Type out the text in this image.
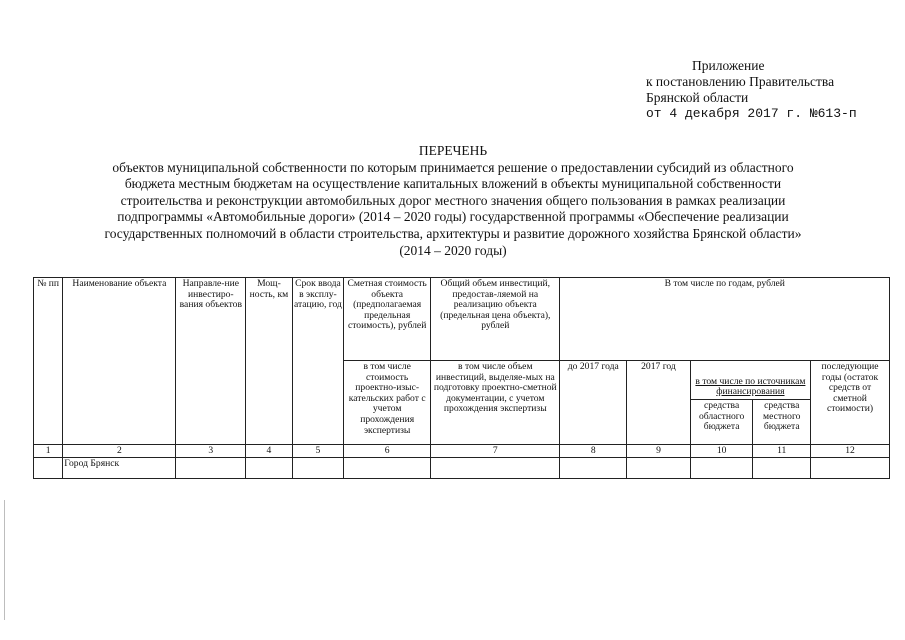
Приложение
к постановлению Правительства
Брянской области
от 4 декабря 2017 г. №613-п
ПЕРЕЧЕНЬ
объектов муниципальной собственности по которым принимается решение о предоставлении субсидий из областного
бюджета местным бюджетам на осуществление капитальных вложений в объекты муниципальной собственности
строительства и реконструкции автомобильных дорог местного значения общего пользования в рамках реализации
подпрограммы «Автомобильные дороги» (2014 – 2020 годы) государственной программы «Обеспечение реализации
государственных полномочий в области строительства, архитектуры и развитие дорожного хозяйства Брянской области»
(2014 – 2020 годы)
№ пп	Наименование объекта	Направле-ние инвестиро-вания объектов	Мощ-ность, км	Срок ввода в эксплу-атацию, год	Сметная стоимость объекта (предполагаемая предельная стоимость), рублей	Общий объем инвестиций, предостав-ляемой на реализацию объекта (предельная цена объекта), рублей	В том числе по годам, рублей				
					в том числе стоимость проектно-изыс-кательских работ с учетом прохождения экспертизы	в том числе объем инвестиций, выделяе-мых на подготовку проектно-сметной документации, с учетом прохождения экспертизы	до 2017 года	2017 год	в том числе по источникам финансирования		последующие годы (остаток средств от сметной стоимости)
									средства областного бюджета	средства местного бюджета	
1	2	3	4	5	6	7	8	9	10	11	12
	Город Брянск										
